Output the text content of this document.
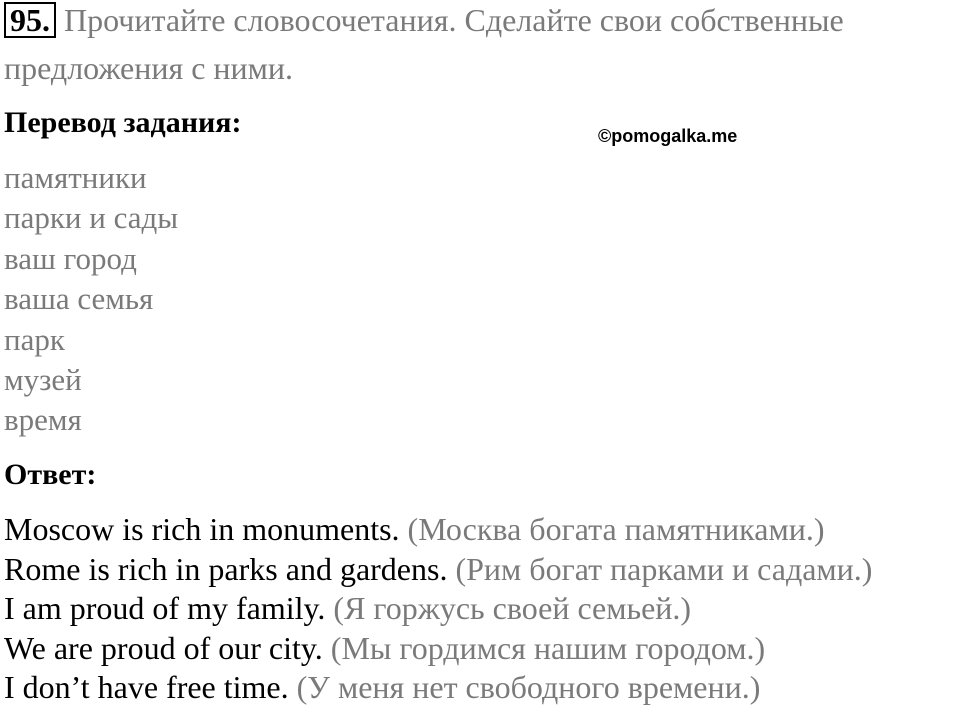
95. Прочитайте словосочетания. Сделайте свои собственные
предложения с ними.
Перевод задания:	©pomogalka.me
памятники
парки и сады
ваш город
ваша семья
парк
музей
время
Ответ:
Moscow is rich in monuments. (Москва богата памятниками.)
Rome is rich in parks and gardens. (Рим богат парками и садами.)
I am proud of my family. (Я горжусь своей семьей.)
We are proud of our city. (Мы гордимся нашим городом.)
I don’t have free time. (У меня нет свободного времени.)
